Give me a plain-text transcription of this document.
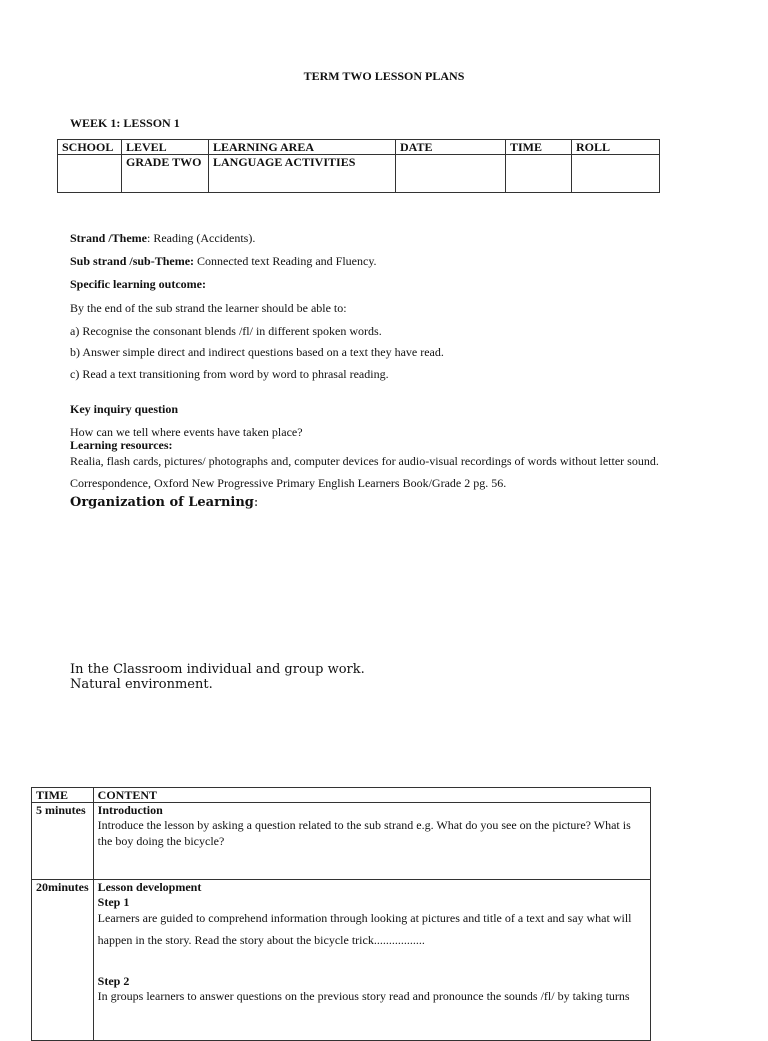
TERM TWO LESSON PLANS
WEEK 1: LESSON 1
SCHOOL	LEVEL	LEARNING AREA	DATE	TIME	ROLL
	GRADE TWO	LANGUAGE ACTIVITIES			
Strand /Theme: Reading (Accidents).
Sub strand /sub-Theme: Connected text Reading and Fluency.
Specific learning outcome:
By the end of the sub strand the learner should be able to:
a) Recognise the consonant blends /fl/ in different spoken words.
b) Answer simple direct and indirect questions based on a text they have read.
c) Read a text transitioning from word by word to phrasal reading.
Key inquiry question
How can we tell where events have taken place?
Learning resources:
Realia, flash cards, pictures/ photographs and, computer devices for audio-visual recordings of words without letter sound.
Correspondence, Oxford New Progressive Primary English Learners Book/Grade 2 pg. 56.
Organization of Learning:
In the Classroom individual and group work.
Natural environment.
TIME	CONTENT
5 minutes	Introduction
Introduce the lesson by asking a question related to the sub strand e.g. What do you see on the picture? What is the boy doing the bicycle?

20minutes	Lesson development
Step 1
Learners are guided to comprehend information through looking at pictures and title of a text and say what will happen in the story. Read the story about the bicycle trick.................
Step 2
In groups learners to answer questions on the previous story read and pronounce the sounds /fl/ by taking turns
